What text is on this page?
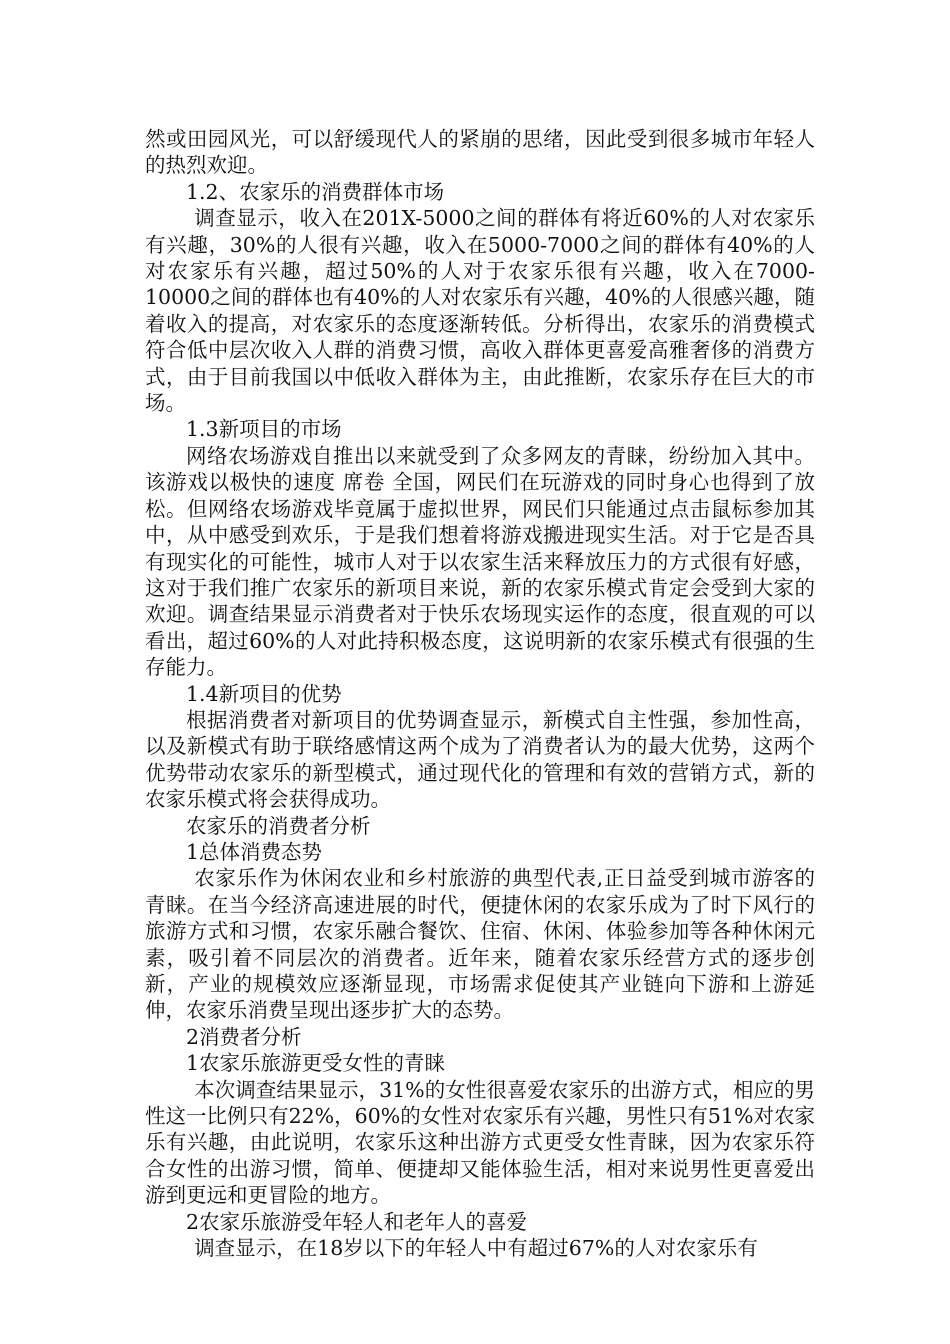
然或田园风光，可以舒缓现代人的紧崩的思绪，因此受到很多城市年轻人的热烈欢迎。

1.2、农家乐的消费群体市场

调查显示，收入在201X-5000之间的群体有将近60%的人对农家乐有兴趣，30%的人很有兴趣，收入在5000-7000之间的群体有40%的人对农家乐有兴趣，超过50%的人对于农家乐很有兴趣，收入在7000-10000之间的群体也有40%的人对农家乐有兴趣，40%的人很感兴趣，随着收入的提高，对农家乐的态度逐渐转低。分析得出，农家乐的消费模式符合低中层次收入人群的消费习惯，高收入群体更喜爱高雅奢侈的消费方式，由于目前我国以中低收入群体为主，由此推断，农家乐存在巨大的市场。

1.3新项目的市场

网络农场游戏自推出以来就受到了众多网友的青睐，纷纷加入其中。该游戏以极快的速度 席卷 全国，网民们在玩游戏的同时身心也得到了放松。但网络农场游戏毕竟属于虚拟世界，网民们只能通过点击鼠标参加其中，从中感受到欢乐，于是我们想着将游戏搬进现实生活。对于它是否具有现实化的可能性，城市人对于以农家生活来释放压力的方式很有好感，这对于我们推广农家乐的新项目来说，新的农家乐模式肯定会受到大家的欢迎。调查结果显示消费者对于快乐农场现实运作的态度，很直观的可以看出，超过60%的人对此持积极态度，这说明新的农家乐模式有很强的生存能力。

1.4新项目的优势

根据消费者对新项目的优势调查显示，新模式自主性强，参加性高，以及新模式有助于联络感情这两个成为了消费者认为的最大优势，这两个优势带动农家乐的新型模式，通过现代化的管理和有效的营销方式，新的农家乐模式将会获得成功。

农家乐的消费者分析

1总体消费态势

农家乐作为休闲农业和乡村旅游的典型代表,正日益受到城市游客的青睐。在当今经济高速进展的时代，便捷休闲的农家乐成为了时下风行的旅游方式和习惯，农家乐融合餐饮、住宿、休闲、体验参加等各种休闲元素，吸引着不同层次的消费者。近年来，随着农家乐经营方式的逐步创新，产业的规模效应逐渐显现，市场需求促使其产业链向下游和上游延伸，农家乐消费呈现出逐步扩大的态势。

2消费者分析

1农家乐旅游更受女性的青睐

本次调查结果显示，31%的女性很喜爱农家乐的出游方式，相应的男性这一比例只有22%，60%的女性对农家乐有兴趣，男性只有51%对农家乐有兴趣，由此说明，农家乐这种出游方式更受女性青睐，因为农家乐符合女性的出游习惯，简单、便捷却又能体验生活，相对来说男性更喜爱出游到更远和更冒险的地方。

2农家乐旅游受年轻人和老年人的喜爱

调查显示，在18岁以下的年轻人中有超过67%的人对农家乐有
